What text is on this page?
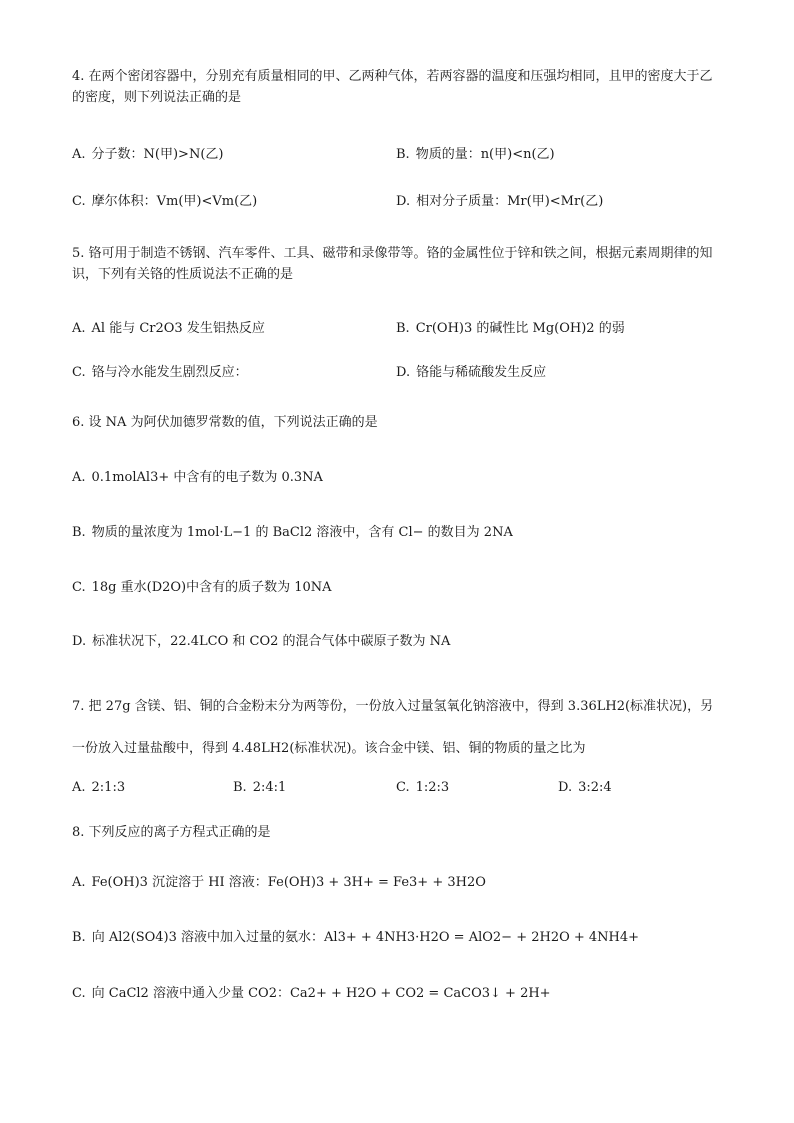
4. 在两个密闭容器中，分别充有质量相同的甲、乙两种气体，若两容器的温度和压强均相同，且甲的密度大于乙的密度，则下列说法正确的是
A. 分子数：N(甲)>N(乙)	B. 物质的量：n(甲)<n(乙)
C. 摩尔体积：Vm(甲)<Vm(乙)	D. 相对分子质量：Mr(甲)<Mr(乙)
5. 铬可用于制造不锈钢、汽车零件、工具、磁带和录像带等。铬的金属性位于锌和铁之间，根据元素周期律的知识，下列有关铬的性质说法不正确的是
A. Al 能与 Cr2O3 发生铝热反应	B. Cr(OH)3 的碱性比 Mg(OH)2 的弱
C. 铬与冷水能发生剧烈反应：	D. 铬能与稀硫酸发生反应
6. 设 NA 为阿伏加德罗常数的值，下列说法正确的是
A. 0.1molAl3+ 中含有的电子数为 0.3NA
B. 物质的量浓度为 1mol·L−1 的 BaCl2 溶液中，含有 Cl− 的数目为 2NA
C. 18g 重水(D2O)中含有的质子数为 10NA
D. 标准状况下，22.4LCO 和 CO2 的混合气体中碳原子数为 NA
7. 把 27g 含镁、铝、铜的合金粉末分为两等份，一份放入过量氢氧化钠溶液中，得到 3.36LH2(标准状况)，另一份放入过量盐酸中，得到 4.48LH2(标准状况)。该合金中镁、铝、铜的物质的量之比为
A. 2:1:3	B. 2:4:1	C. 1:2:3	D. 3:2:4
8. 下列反应的离子方程式正确的是
A. Fe(OH)3 沉淀溶于 HI 溶液：Fe(OH)3 + 3H+ = Fe3+ + 3H2O
B. 向 Al2(SO4)3 溶液中加入过量的氨水：Al3+ + 4NH3·H2O = AlO2− + 2H2O + 4NH4+
C. 向 CaCl2 溶液中通入少量 CO2：Ca2+ + H2O + CO2 = CaCO3↓ + 2H+
